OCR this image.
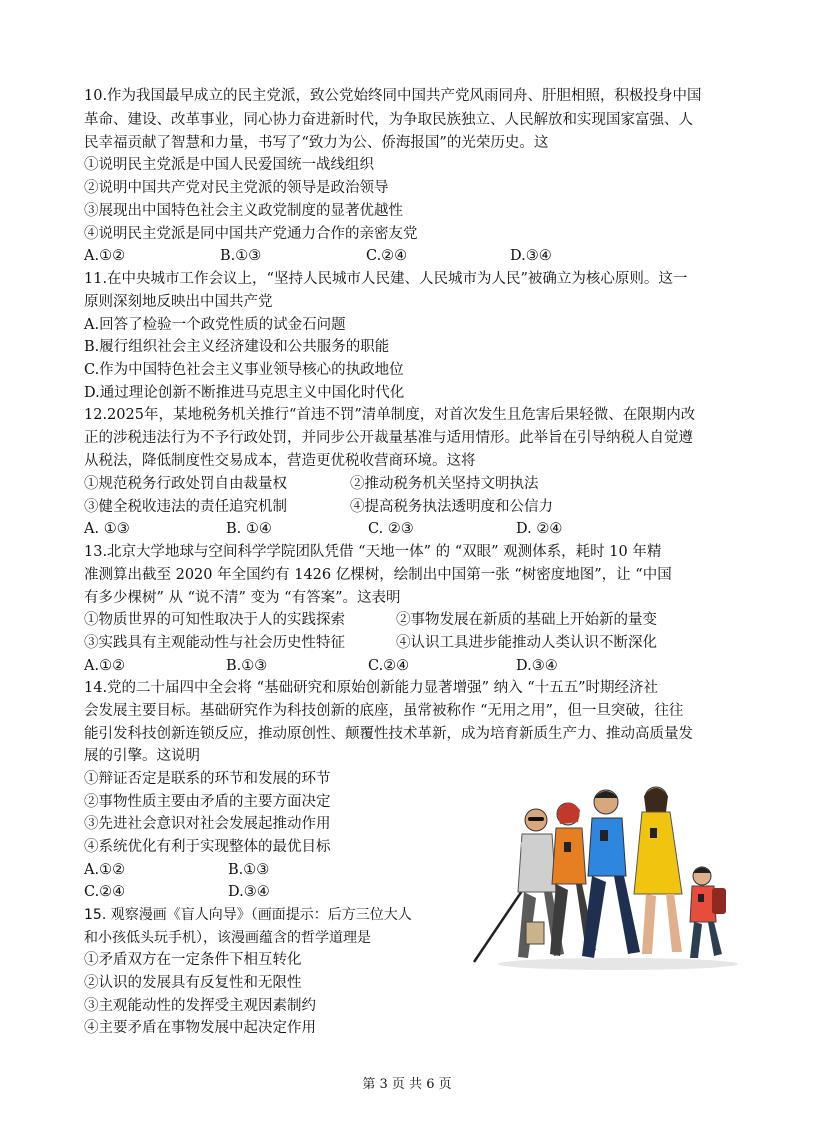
10.作为我国最早成立的民主党派，致公党始终同中国共产党风雨同舟、肝胆相照，积极投身中国
革命、建设、改革事业，同心协力奋进新时代，为争取民族独立、人民解放和实现国家富强、人
民幸福贡献了智慧和力量，书写了“致力为公、侨海报国”的光荣历史。这
①说明民主党派是中国人民爱国统一战线组织
②说明中国共产党对民主党派的领导是政治领导
③展现出中国特色社会主义政党制度的显著优越性
④说明民主党派是同中国共产党通力合作的亲密友党
A.①②	B.①③	C.②④	D.③④
11.在中央城市工作会议上，“坚持人民城市人民建、人民城市为人民”被确立为核心原则。这一
原则深刻地反映出中国共产党
A.回答了检验一个政党性质的试金石问题
B.履行组织社会主义经济建设和公共服务的职能
C.作为中国特色社会主义事业领导核心的执政地位
D.通过理论创新不断推进马克思主义中国化时代化
12.2025年，某地税务机关推行“首违不罚”清单制度，对首次发生且危害后果轻微、在限期内改
正的涉税违法行为不予行政处罚，并同步公开裁量基准与适用情形。此举旨在引导纳税人自觉遵
从税法，降低制度性交易成本，营造更优税收营商环境。这将
①规范税务行政处罚自由裁量权	②推动税务机关坚持文明执法
③健全税收违法的责任追究机制	④提高税务执法透明度和公信力
A. ①③	B. ①④	C. ②③	D. ②④
13.北京大学地球与空间科学学院团队凭借 “天地一体” 的 “双眼” 观测体系，耗时 10 年精
准测算出截至 2020 年全国约有 1426 亿棵树，绘制出中国第一张 “树密度地图”，让 “中国
有多少棵树” 从 “说不清” 变为 “有答案”。这表明
①物质世界的可知性取决于人的实践探索	②事物发展在新质的基础上开始新的量变
③实践具有主观能动性与社会历史性特征	④认识工具进步能推动人类认识不断深化
A.①②	B.①③	C.②④	D.③④
14.党的二十届四中全会将 “基础研究和原始创新能力显著增强” 纳入 “十五五”时期经济社
会发展主要目标。基础研究作为科技创新的底座，虽常被称作 “无用之用”，但一旦突破，往往
能引发科技创新连锁反应，推动原创性、颠覆性技术革新，成为培育新质生产力、推动高质量发
展的引擎。这说明
①辩证否定是联系的环节和发展的环节
②事物性质主要由矛盾的主要方面决定
③先进社会意识对社会发展起推动作用
④系统优化有利于实现整体的最优目标
A.①②	B.①③
C.②④	D.③④
15. 观察漫画《盲人向导》（画面提示：后方三位大人
和小孩低头玩手机），该漫画蕴含的哲学道理是
①矛盾双方在一定条件下相互转化
②认识的发展具有反复性和无限性
③主观能动性的发挥受主观因素制约
④主要矛盾在事物发展中起决定作用
第 3 页 共 6 页
